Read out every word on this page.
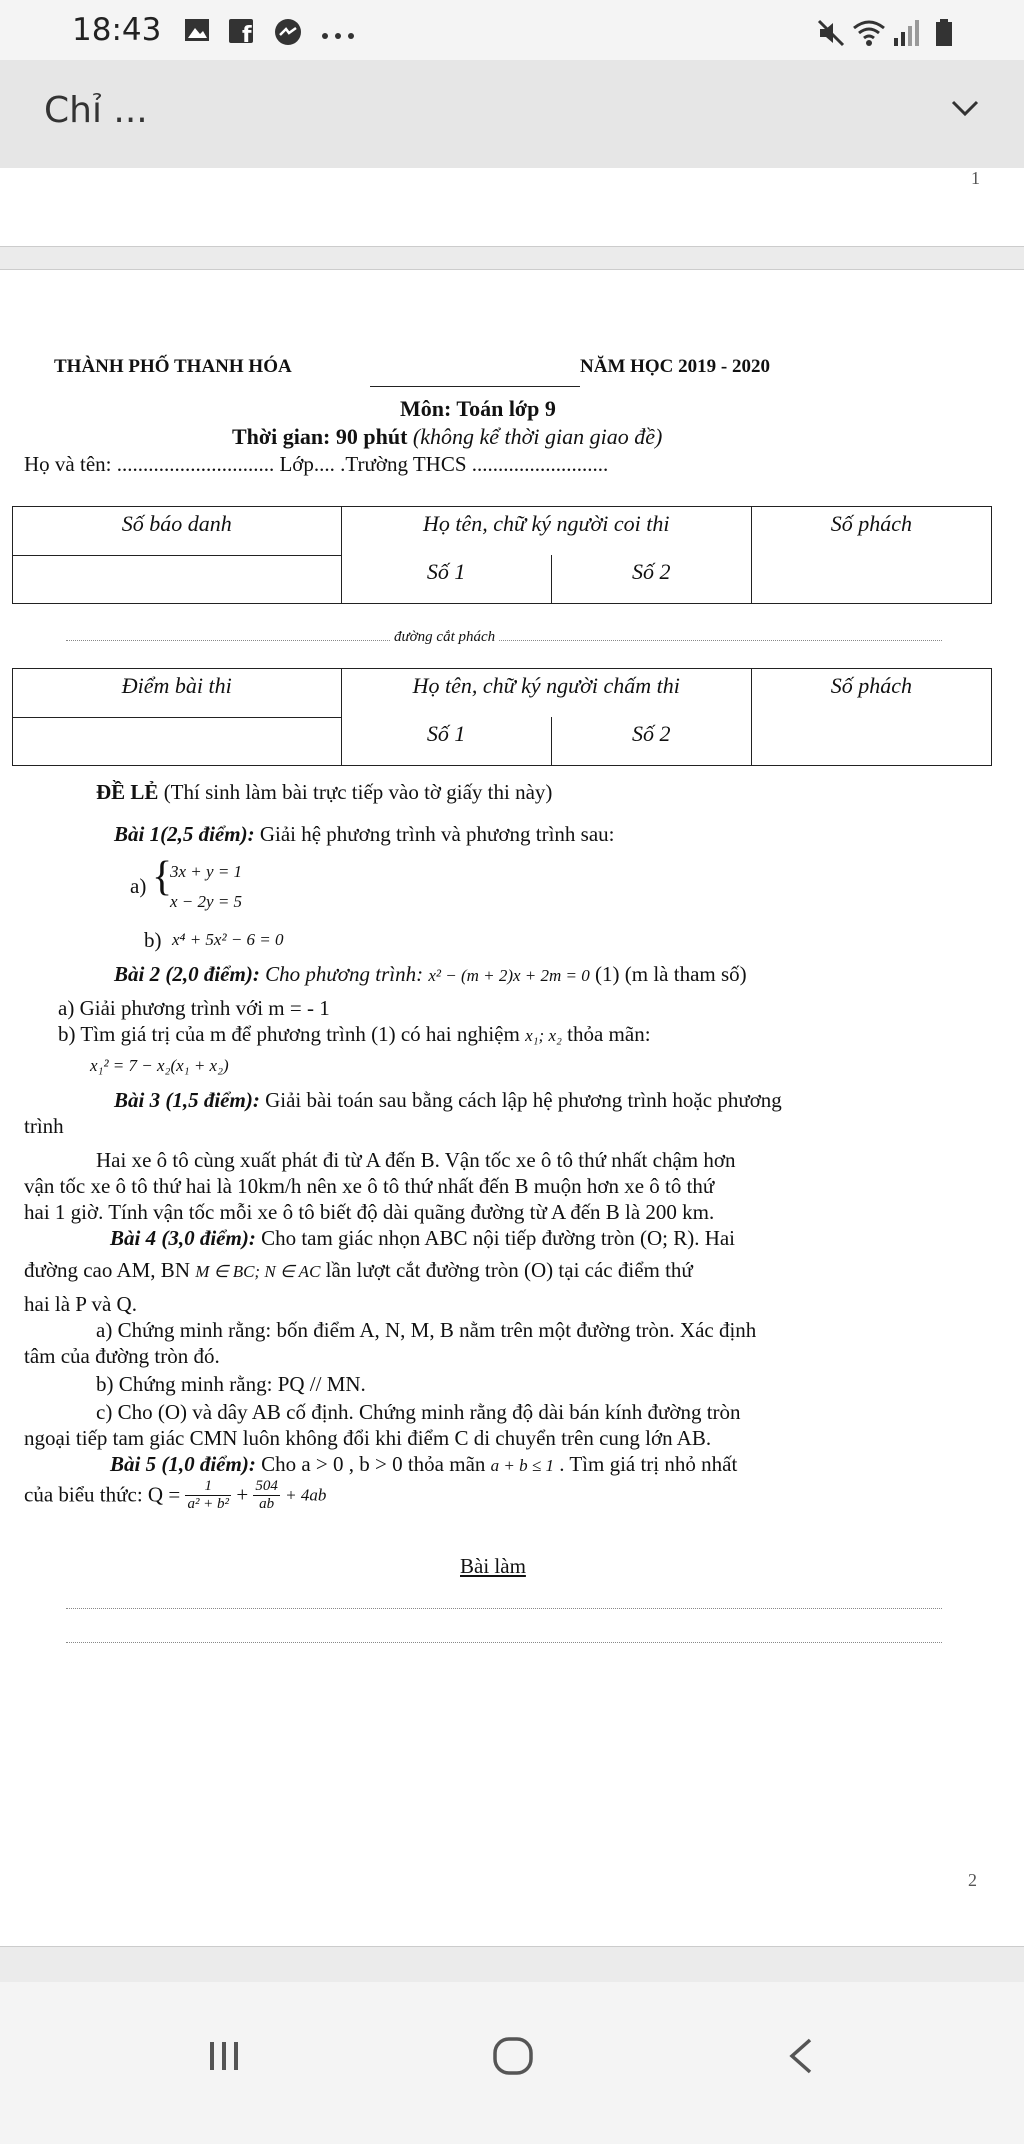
18:43	f
Chỉ ...
1
THÀNH PHỐ THANH HÓA	NĂM HỌC 2019 - 2020
Môn: Toán lớp 9
Thời gian: 90 phút (không kể thời gian giao đề)
Họ và tên: .............................. Lớp.... .Trường THCS ..........................
Số báo danh	Họ tên, chữ ký người coi thi		Số phách
	Số 1	Số 2	
đường cắt phách
Điểm bài thi	Họ tên, chữ ký người chấm thi		Số phách
	Số 1	Số 2	
ĐỀ LẺ (Thí sinh làm bài trực tiếp vào tờ giấy thi này)
Bài 1(2,5 điểm): Giải hệ phương trình và phương trình sau:
a) {
3x + y = 1
x − 2y = 5
b) x⁴ + 5x² − 6 = 0
Bài 2 (2,0 điểm): Cho phương trình: x² − (m + 2)x + 2m = 0 (1) (m là tham số)
a) Giải phương trình với m = - 1
b) Tìm giá trị của m để phương trình (1) có hai nghiệm x₁; x₂ thỏa mãn:
x₁² = 7 − x₂(x₁ + x₂)
Bài 3 (1,5 điểm): Giải bài toán sau bằng cách lập hệ phương trình hoặc phương
trình
Hai xe ô tô cùng xuất phát đi từ A đến B. Vận tốc xe ô tô thứ nhất chậm hơn
vận tốc xe ô tô thứ hai là 10km/h nên xe ô tô thứ nhất đến B muộn hơn xe ô tô thứ
hai 1 giờ. Tính vận tốc mỗi xe ô tô biết độ dài quãng đường từ A đến B là 200 km.
Bài 4 (3,0 điểm): Cho tam giác nhọn ABC nội tiếp đường tròn (O; R). Hai
đường cao AM, BN M ∈ BC; N ∈ AC lần lượt cắt đường tròn (O) tại các điểm thứ
hai là P và Q.
a) Chứng minh rằng: bốn điểm A, N, M, B nằm trên một đường tròn. Xác định
tâm của đường tròn đó.
b) Chứng minh rằng: PQ // MN.
c) Cho (O) và dây AB cố định. Chứng minh rằng độ dài bán kính đường tròn
ngoại tiếp tam giác CMN luôn không đổi khi điểm C di chuyển trên cung lớn AB.
Bài 5 (1,0 điểm): Cho a > 0 , b > 0 thỏa mãn a + b ≤ 1 . Tìm giá trị nhỏ nhất
của biểu thức: $Q = \frac{1}{\text{a² + b²}} + \frac{504}{ab} + 4ab$
Bài làm
2
